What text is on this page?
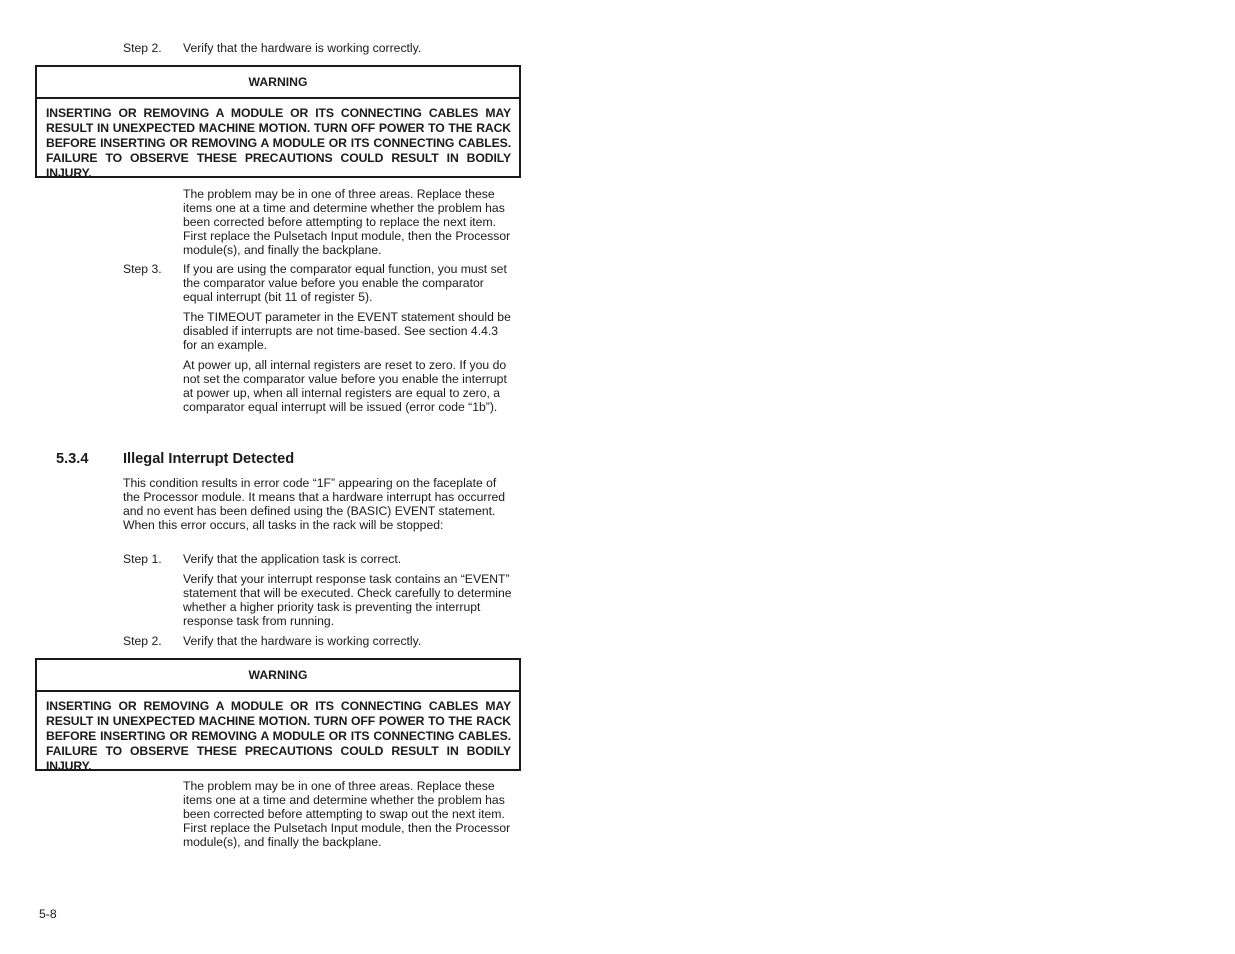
Step 2. Verify that the hardware is working correctly.
WARNING
INSERTING OR REMOVING A MODULE OR ITS CONNECTING CABLES MAY RESULT IN UNEXPECTED MACHINE MOTION. TURN OFF POWER TO THE RACK BEFORE INSERTING OR REMOVING A MODULE OR ITS CONNECTING CABLES. FAILURE TO OBSERVE THESE PRECAUTIONS COULD RESULT IN BODILY INJURY.
The problem may be in one of three areas. Replace these items one at a time and determine whether the problem has been corrected before attempting to replace the next item. First replace the Pulsetach Input module, then the Processor module(s), and finally the backplane.
Step 3. If you are using the comparator equal function, you must set the comparator value before you enable the comparator equal interrupt (bit 11 of register 5).
The TIMEOUT parameter in the EVENT statement should be disabled if interrupts are not time-based. See section 4.4.3 for an example.
At power up, all internal registers are reset to zero. If you do not set the comparator value before you enable the interrupt at power up, when all internal registers are equal to zero, a comparator equal interrupt will be issued (error code “1b”).
5.3.4 Illegal Interrupt Detected
This condition results in error code “1F” appearing on the faceplate of the Processor module. It means that a hardware interrupt has occurred and no event has been defined using the (BASIC) EVENT statement. When this error occurs, all tasks in the rack will be stopped:
Step 1. Verify that the application task is correct.
Verify that your interrupt response task contains an “EVENT” statement that will be executed. Check carefully to determine whether a higher priority task is preventing the interrupt response task from running.
Step 2. Verify that the hardware is working correctly.
WARNING
INSERTING OR REMOVING A MODULE OR ITS CONNECTING CABLES MAY RESULT IN UNEXPECTED MACHINE MOTION. TURN OFF POWER TO THE RACK BEFORE INSERTING OR REMOVING A MODULE OR ITS CONNECTING CABLES. FAILURE TO OBSERVE THESE PRECAUTIONS COULD RESULT IN BODILY INJURY.
The problem may be in one of three areas. Replace these items one at a time and determine whether the problem has been corrected before attempting to swap out the next item. First replace the Pulsetach Input module, then the Processor module(s), and finally the backplane.
5-8
